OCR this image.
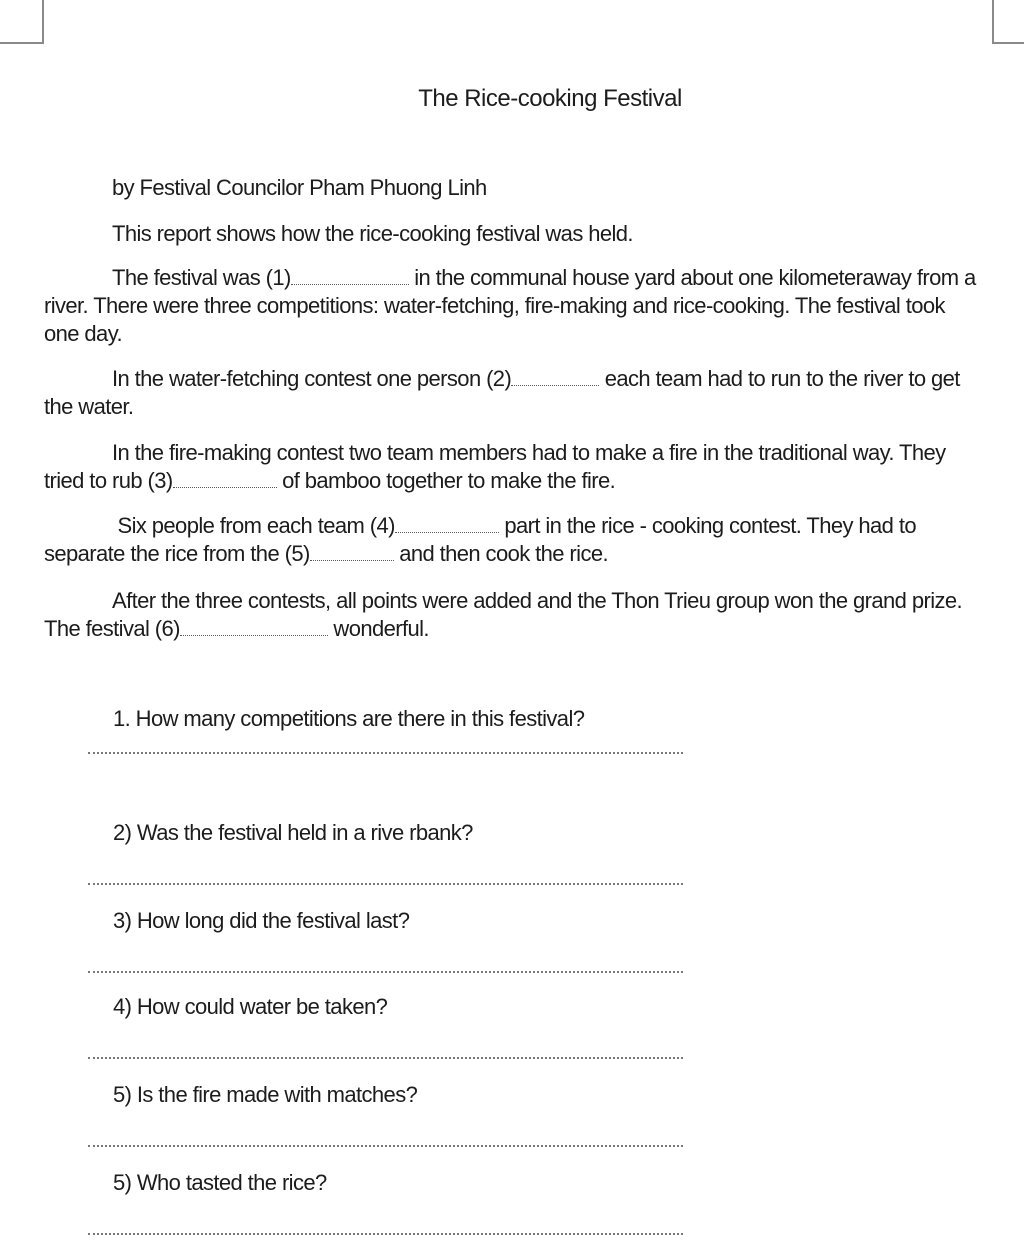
The Rice-cooking Festival
by Festival Councilor Pham Phuong Linh
This report shows how the rice-cooking festival was held.
The festival was (1)	in the communal house yard about one kilometeraway from a river. There were three competitions: water-fetching, fire-making and rice-cooking. The festival took one day.
In the water-fetching contest one person (2)	each team had to run to the river to get the water.
In the fire-making contest two team members had to make a fire in the traditional way. They tried to rub (3)	of bamboo together to make the fire.
Six people from each team (4)	part in the rice - cooking contest. They had to separate the rice from the (5)	and then cook the rice.
After the three contests, all points were added and the Thon Trieu group won the grand prize. The festival (6)	wonderful.
1. How many competitions are there in this festival?
2) Was the festival held in a rive rbank?
3) How long did the festival last?
4) How could water be taken?
5) Is the fire made with matches?
5) Who tasted the rice?
